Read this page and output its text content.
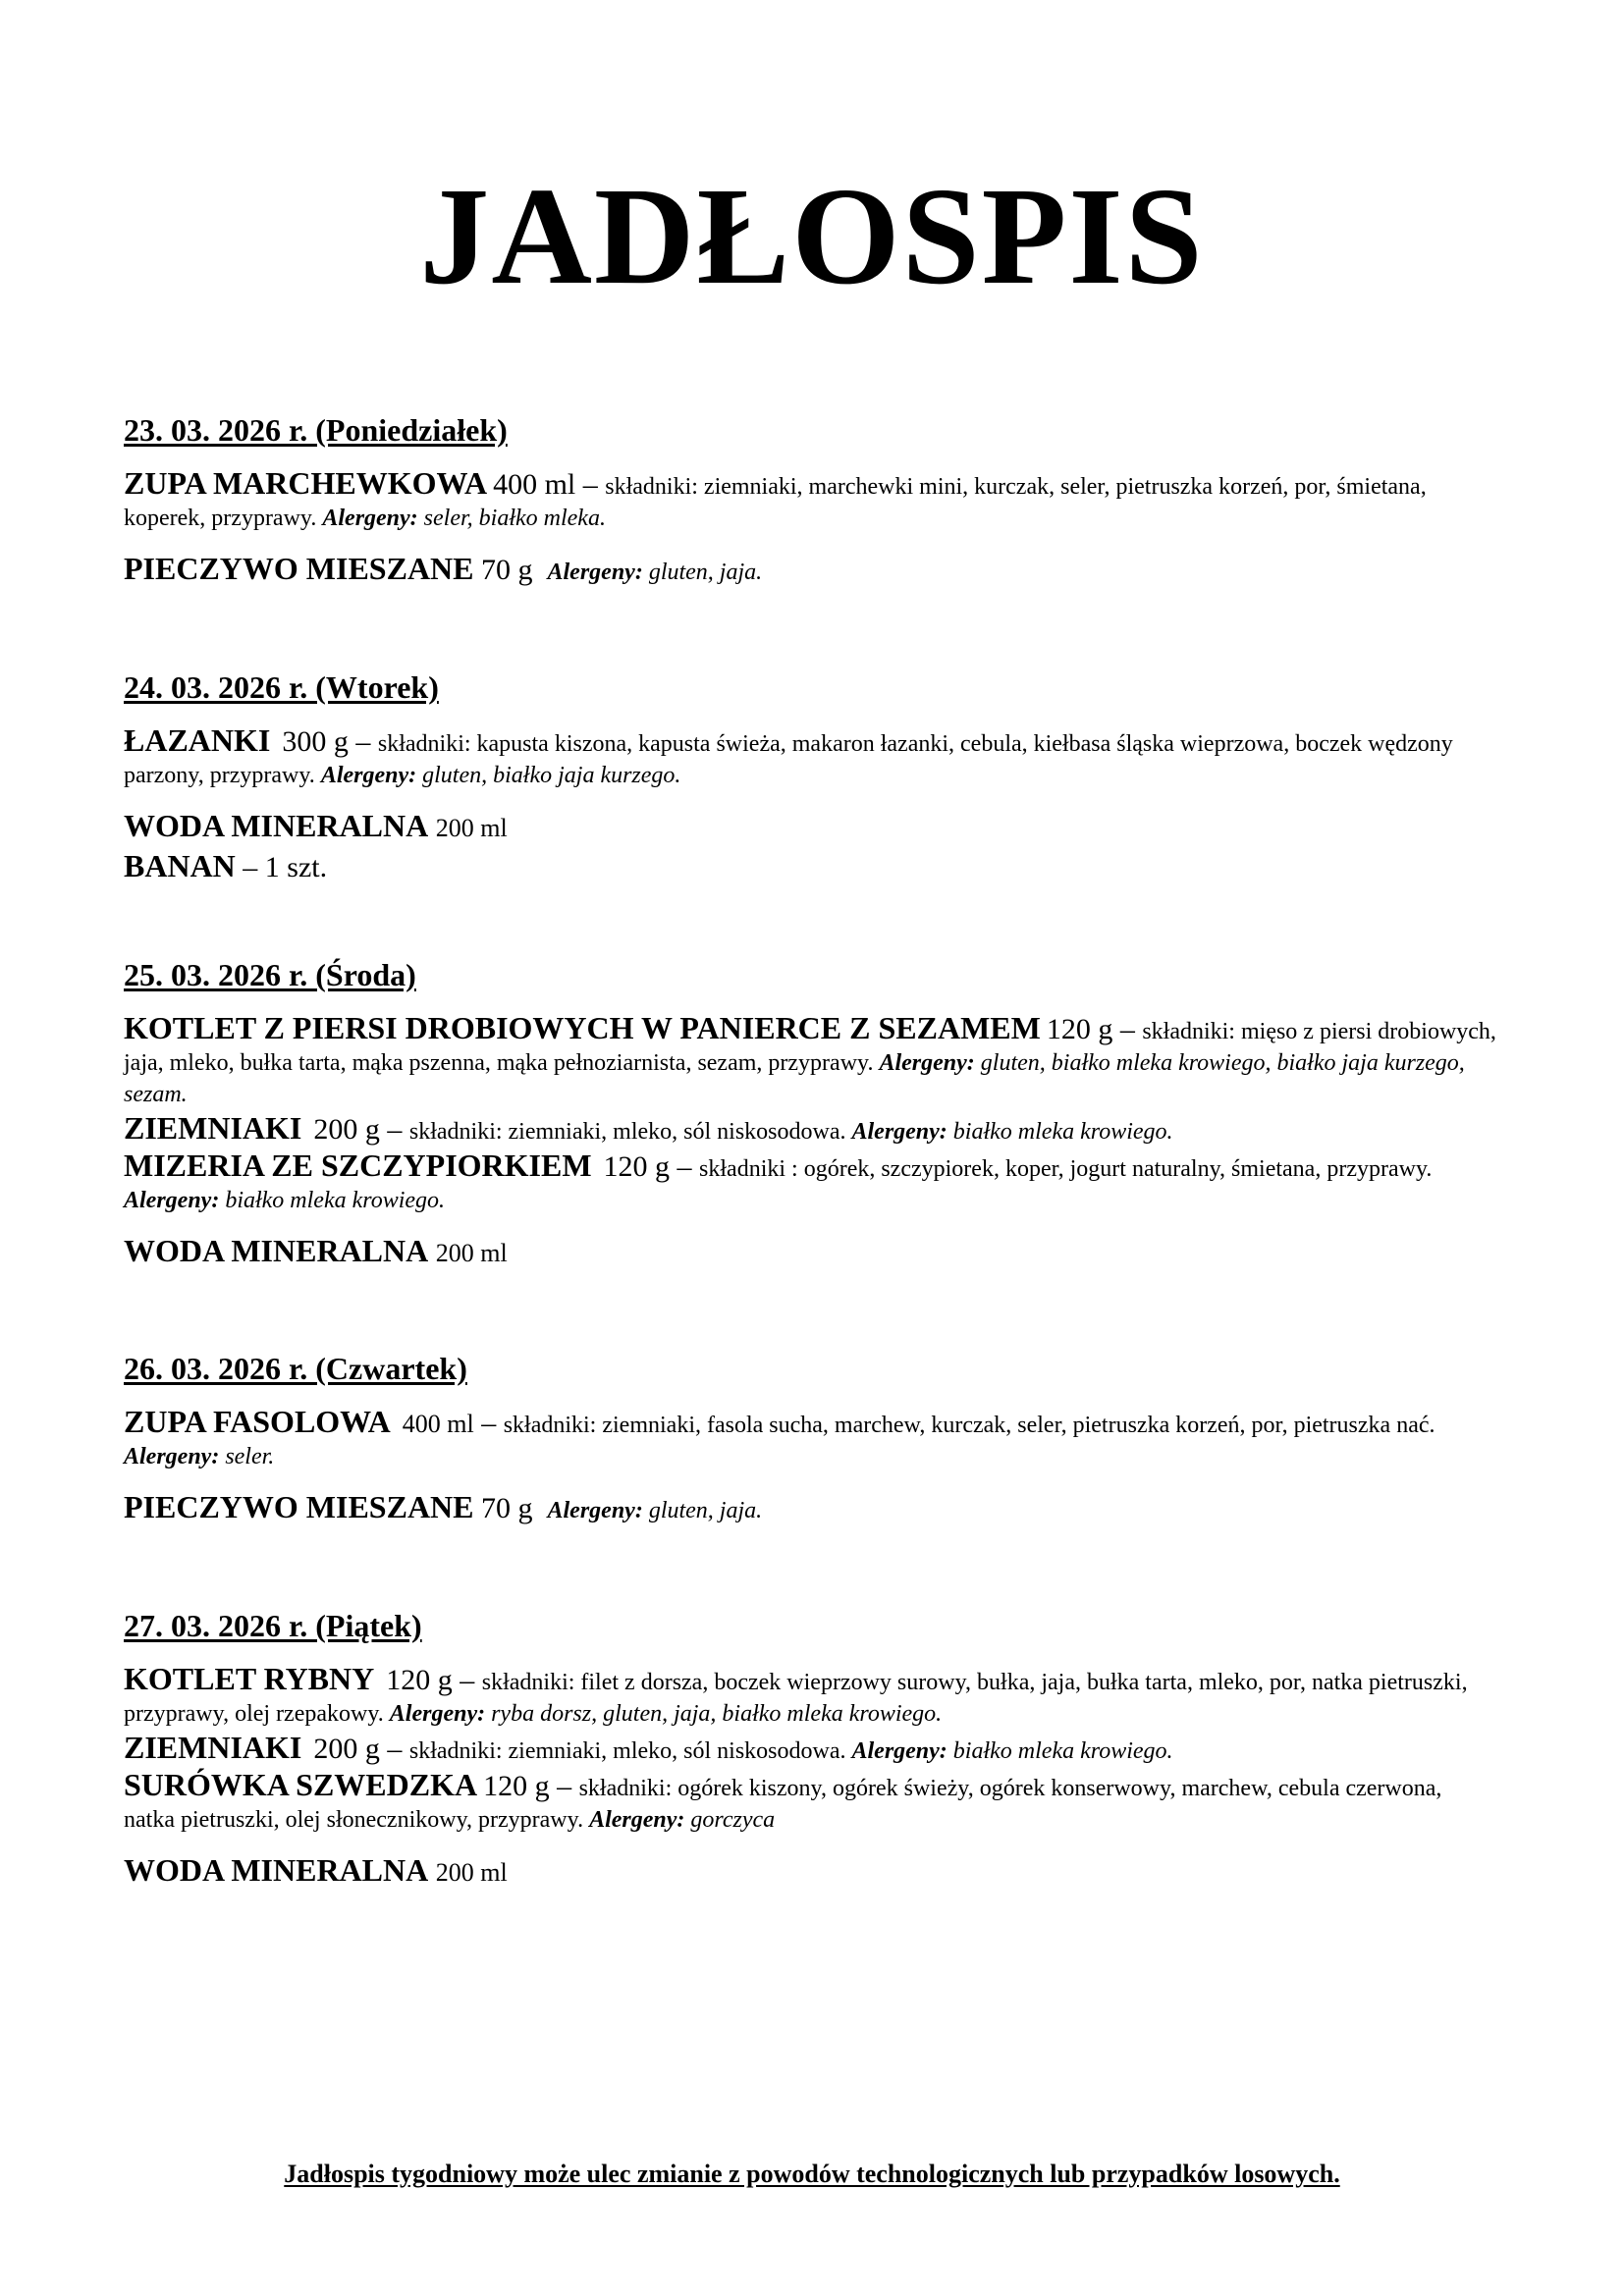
JADŁOSPIS
23. 03. 2026 r. (Poniedziałek)

ZUPA MARCHEWKOWA 400 ml – składniki: ziemniaki, marchewki mini, kurczak, seler, pietruszka korzeń, por, śmietana, koperek, przyprawy. Alergeny: seler, białko mleka.

PIECZYWO MIESZANE 70 g Alergeny: gluten, jaja.

24. 03. 2026 r. (Wtorek)

ŁAZANKI 300 g – składniki: kapusta kiszona, kapusta świeża, makaron łazanki, cebula, kiełbasa śląska wieprzowa, boczek wędzony parzony, przyprawy. Alergeny: gluten, białko jaja kurzego.

WODA MINERALNA 200 ml

BANAN – 1 szt.

25. 03. 2026 r. (Środa)

KOTLET Z PIERSI DROBIOWYCH W PANIERCE Z SEZAMEM 120 g – składniki: mięso z piersi drobiowych, jaja, mleko, bułka tarta, mąka pszenna, mąka pełnoziarnista, sezam, przyprawy. Alergeny: gluten, białko mleka krowiego, białko jaja kurzego, sezam.

ZIEMNIAKI 200 g – składniki: ziemniaki, mleko, sól niskosodowa. Alergeny: białko mleka krowiego.

MIZERIA ZE SZCZYPIORKIEM 120 g – składniki : ogórek, szczypiorek, koper, jogurt naturalny, śmietana, przyprawy. Alergeny: białko mleka krowiego.

WODA MINERALNA 200 ml

26. 03. 2026 r. (Czwartek)

ZUPA FASOLOWA 400 ml – składniki: ziemniaki, fasola sucha, marchew, kurczak, seler, pietruszka korzeń, por, pietruszka nać. Alergeny: seler.

PIECZYWO MIESZANE 70 g Alergeny: gluten, jaja.

27. 03. 2026 r. (Piątek)

KOTLET RYBNY 120 g – składniki: filet z dorsza, boczek wieprzowy surowy, bułka, jaja, bułka tarta, mleko, por, natka pietruszki, przyprawy, olej rzepakowy. Alergeny: ryba dorsz, gluten, jaja, białko mleka krowiego.

ZIEMNIAKI 200 g – składniki: ziemniaki, mleko, sól niskosodowa. Alergeny: białko mleka krowiego.

SURÓWKA SZWEDZKA 120 g – składniki: ogórek kiszony, ogórek świeży, ogórek konserwowy, marchew, cebula czerwona, natka pietruszki, olej słonecznikowy, przyprawy. Alergeny: gorczyca

WODA MINERALNA 200 ml

Jadłospis tygodniowy może ulec zmianie z powodów technologicznych lub przypadków losowych.
